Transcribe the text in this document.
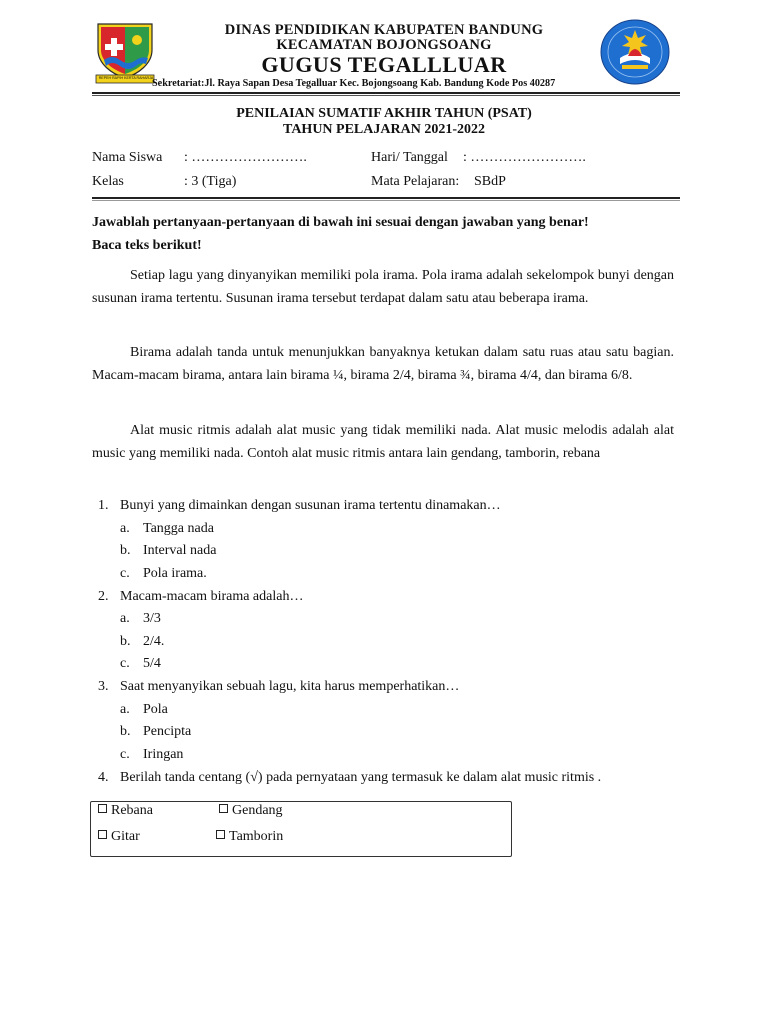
REPEH RAPIH KERTA RAHARJA
DINAS PENDIDIKAN KABUPATEN BANDUNG
KECAMATAN BOJONGSOANG
GUGUS TEGALLLUAR
Sekretariat:Jl. Raya Sapan Desa Tegalluar Kec. Bojongsoang Kab. Bandung Kode Pos 40287
PENILAIAN SUMATIF AKHIR TAHUN (PSAT)
TAHUN PELAJARAN 2021-2022
Nama Siswa : …………………….	Hari/ Tanggal : …………………….
Kelas	: 3 (Tiga)	Mata Pelajaran: SBdP
Jawablah pertanyaan-pertanyaan di bawah ini sesuai dengan jawaban yang benar!
Baca teks berikut!
Setiap lagu yang dinyanyikan memiliki pola irama. Pola irama adalah sekelompok bunyi dengan susunan irama tertentu. Susunan irama tersebut terdapat dalam satu atau beberapa irama.
Birama adalah tanda untuk menunjukkan banyaknya ketukan dalam satu ruas atau satu bagian. Macam-macam birama, antara lain birama ¼, birama 2/4, birama ¾, birama 4/4, dan birama 6/8.
Alat music ritmis adalah alat music yang tidak memiliki nada. Alat music melodis adalah alat music yang memiliki nada. Contoh alat music ritmis antara lain gendang, tamborin, rebana
1. Bunyi yang dimainkan dengan susunan irama tertentu dinamakan…
a. Tangga nada
b. Interval nada
c. Pola irama.
2. Macam-macam birama adalah…
a. 3/3
b. 2/4.
c. 5/4
3. Saat menyanyikan sebuah lagu, kita harus memperhatikan…
a. Pola
b. Pencipta
c. Iringan
4. Berilah tanda centang (√) pada pernyataan yang termasuk ke dalam alat music ritmis .
Rebana	Gendang
Gitar	Tamborin
